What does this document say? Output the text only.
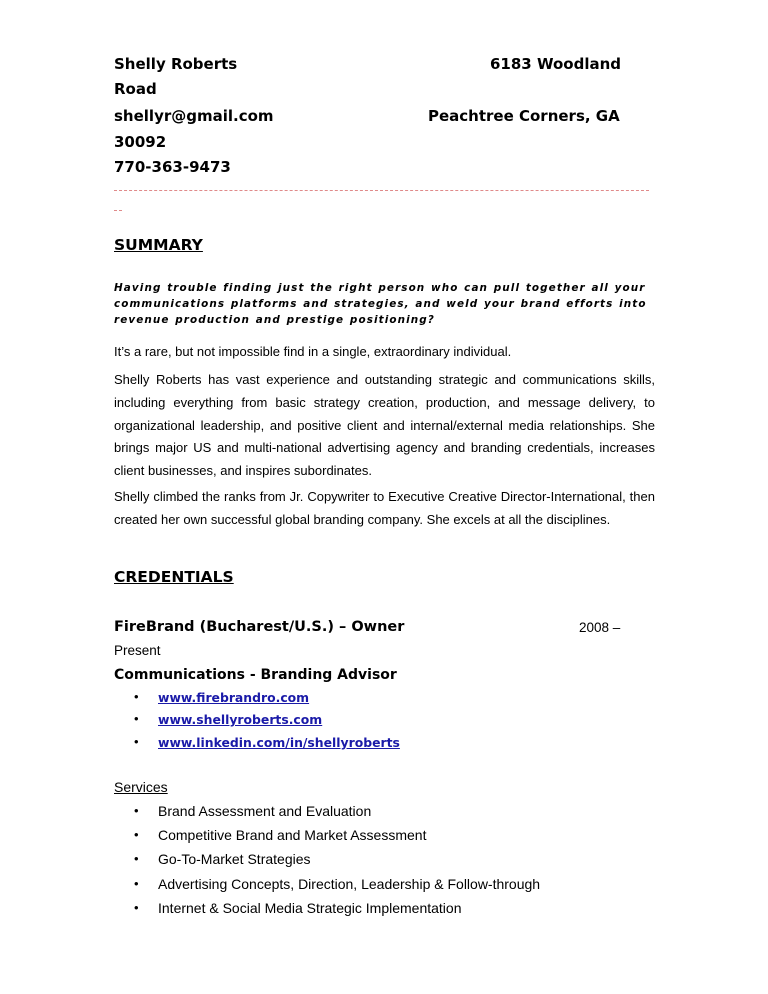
Shelly Roberts	6183 Woodland
Road
shellyr@gmail.com	Peachtree Corners, GA
30092
770-363-9473
SUMMARY
Having trouble finding just the right person who can pull together all your
communications platforms and strategies, and weld your brand efforts into
revenue production and prestige positioning?
It’s a rare, but not impossible find in a single, extraordinary individual.
Shelly Roberts has vast experience and outstanding strategic and communications skills, including everything from basic strategy creation, production, and message delivery, to organizational leadership, and positive client and internal/external media relationships. She brings major US and multi-national advertising agency and branding credentials, increases client businesses, and inspires subordinates.
Shelly climbed the ranks from Jr. Copywriter to Executive Creative Director-International, then created her own successful global branding company. She excels at all the disciplines.
CREDENTIALS
FireBrand (Bucharest/U.S.) – Owner	2008 –
Present
Communications - Branding Advisor
• www.firebrandro.com
• www.shellyroberts.com
• www.linkedin.com/in/shellyroberts
Services
• Brand Assessment and Evaluation
• Competitive Brand and Market Assessment
• Go-To-Market Strategies
• Advertising Concepts, Direction, Leadership & Follow-through
• Internet & Social Media Strategic Implementation
